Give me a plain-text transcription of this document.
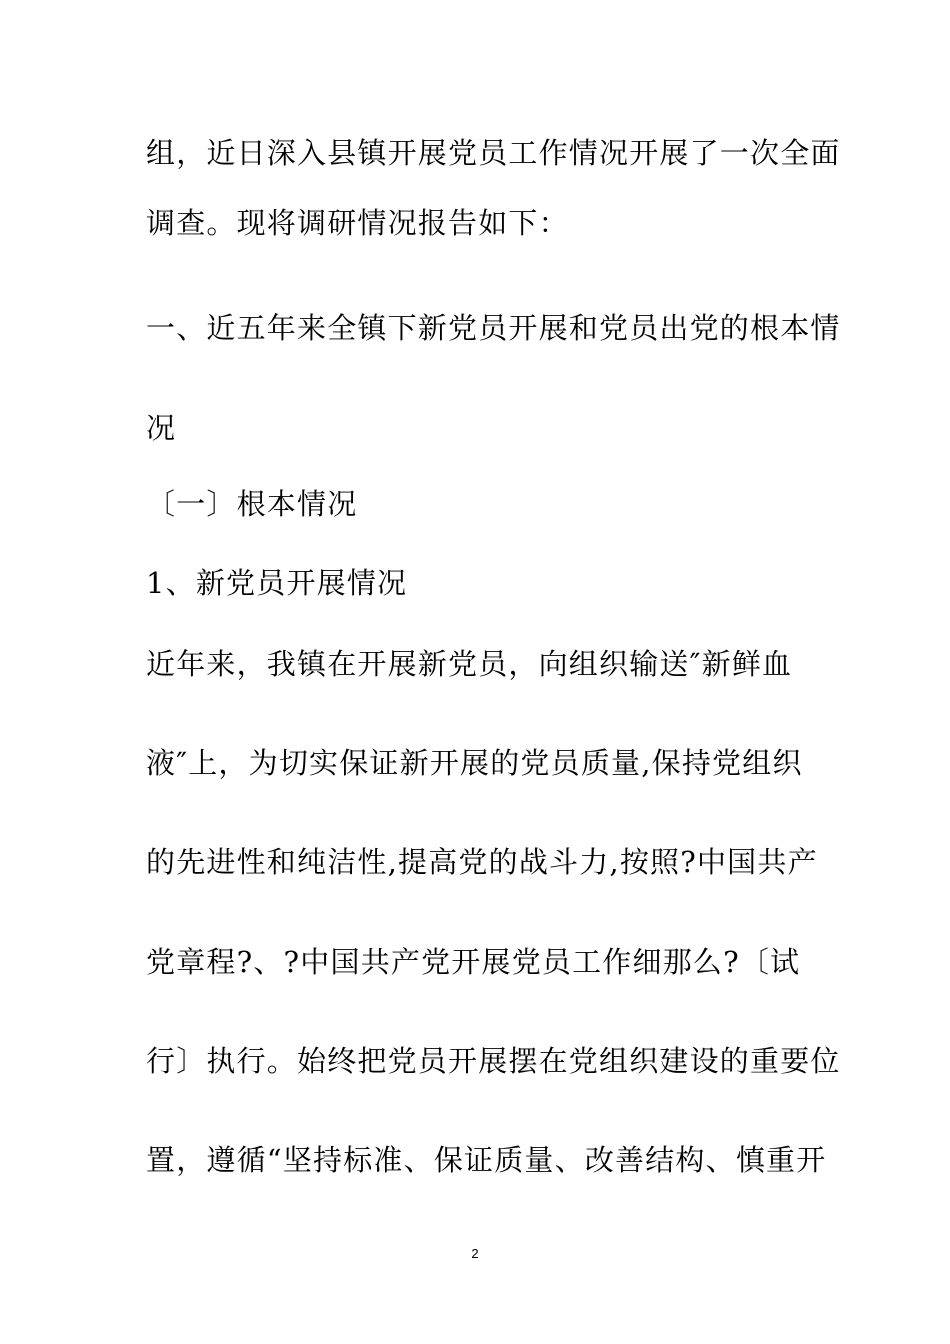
组，近日深入县镇开展党员工作情况开展了一次全面
调查。现将调研情况报告如下：
一、近五年来全镇下新党员开展和党员出党的根本情
况
〔一〕根本情况
1、新党员开展情况
近年来，我镇在开展新党员，向组织输送″新鲜血
液″上，为切实保证新开展的党员质量,保持党组织
的先进性和纯洁性,提高党的战斗力,按照?中国共产
党章程?、?中国共产党开展党员工作细那么?〔试
行〕执行。始终把党员开展摆在党组织建设的重要位
置，遵循“坚持标准、保证质量、改善结构、慎重开
2
